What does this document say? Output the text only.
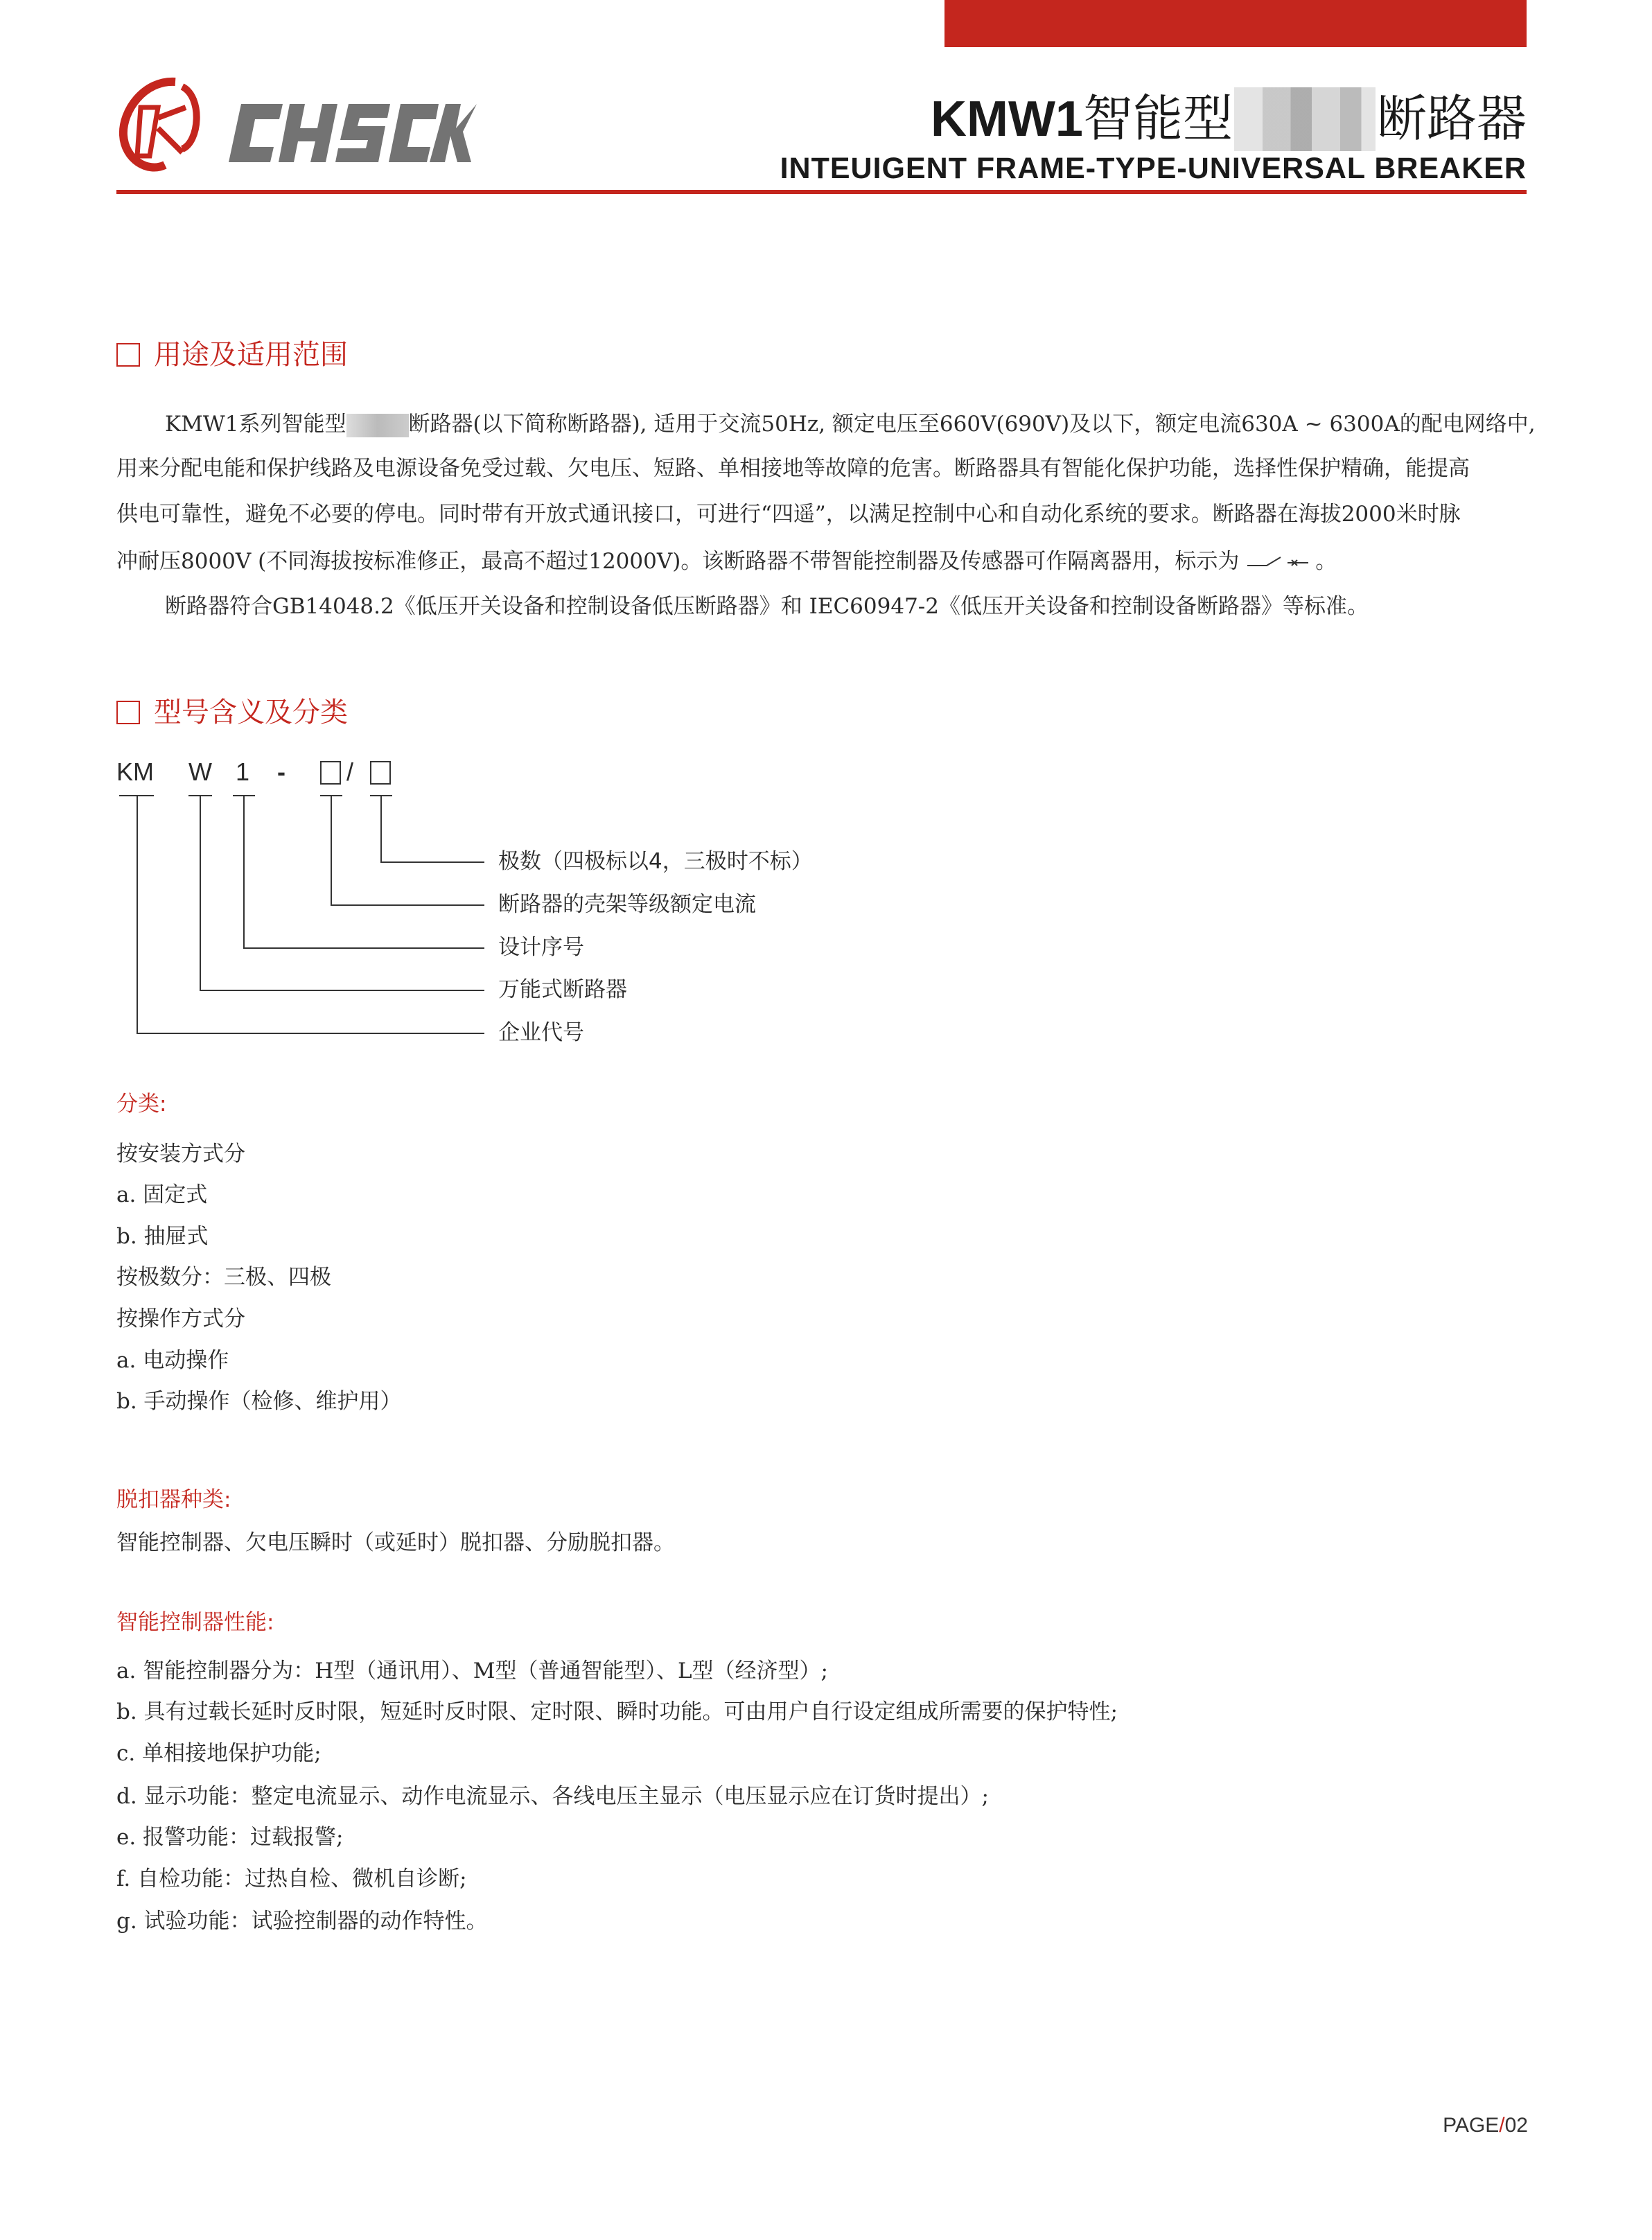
KMW1 智能型	断路器
INTEUIGENT FRAME-TYPE-UNIVERSAL BREAKER
用途及适用范围
KMW1系列智能型	断路器(以下简称断路器), 适用于交流50Hz, 额定电压至660V(690V)及以下，额定电流630A ~ 6300A的配电网络中,
用来分配电能和保护线路及电源设备免受过载、欠电压、短路、单相接地等故障的危害。断路器具有智能化保护功能，选择性保护精确，能提高
供电可靠性，避免不必要的停电。同时带有开放式通讯接口，可进行“四遥”，以满足控制中心和自动化系统的要求。断路器在海拔2000米时脉
冲耐压8000V (不同海拔按标准修正，最高不超过12000V)。该断路器不带智能控制器及传感器可作隔离器用，标示为	。
断路器符合GB14048.2《低压开关设备和控制设备低压断路器》和 IEC60947-2《低压开关设备和控制设备断路器》等标准。
型号含义及分类
KM W 1 - /
极数（四极标以4，三极时不标）
断路器的壳架等级额定电流
设计序号
万能式断路器
企业代号
分类:
按安装方式分
a. 固定式
b. 抽屉式
按极数分：三极、四极
按操作方式分
a. 电动操作
b. 手动操作（检修、维护用）
脱扣器种类:
智能控制器、欠电压瞬时（或延时）脱扣器、分励脱扣器。
智能控制器性能:
a. 智能控制器分为：H型（通讯用）、M型（普通智能型）、L型（经济型）;
b. 具有过载长延时反时限，短延时反时限、定时限、瞬时功能。可由用户自行设定组成所需要的保护特性;
c. 单相接地保护功能;
d. 显示功能：整定电流显示、动作电流显示、各线电压主显示（电压显示应在订货时提出）;
e. 报警功能：过载报警;
f. 自检功能：过热自检、微机自诊断;
g. 试验功能：试验控制器的动作特性。
PAGE/02
